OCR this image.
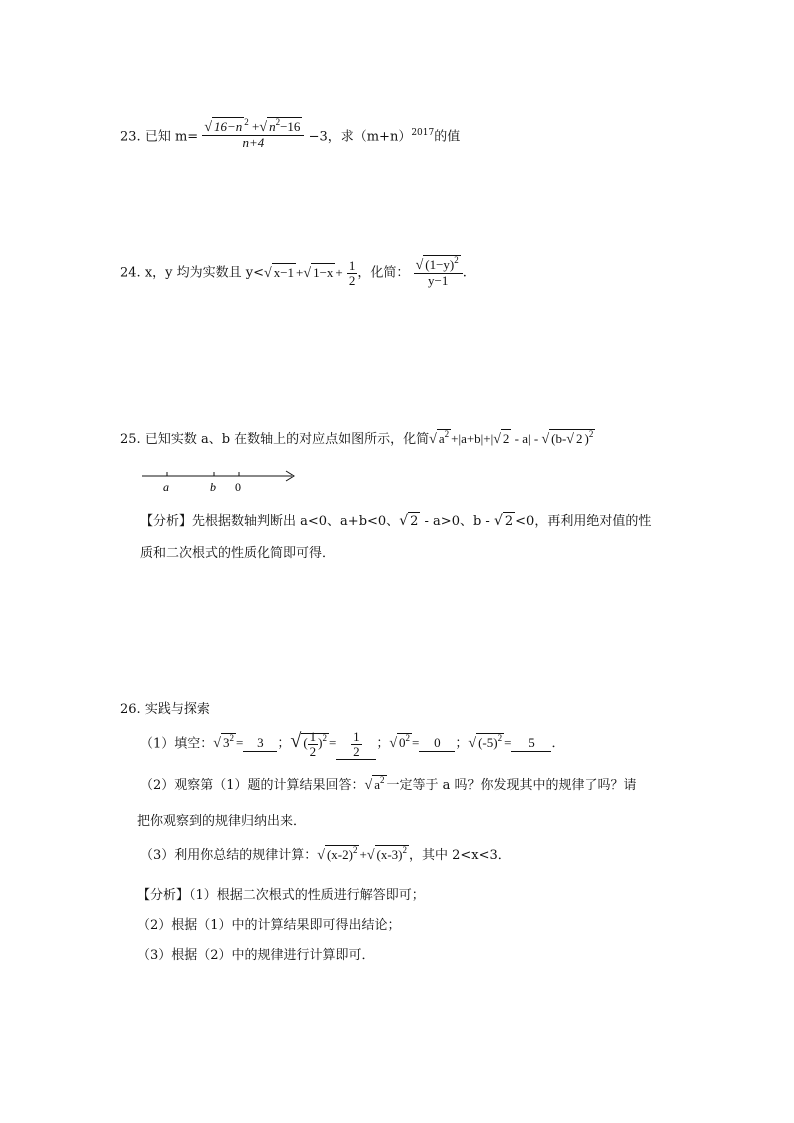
23. 已知 $m= \frac{√ 16-n ^2 +√ n^2-16}{n+4} -3$，求$(m+n)^{2017}$的值
24. x，y 均为实数且 y<√ x−1 +√ $1-x + \frac{1}{2}$ ，化简： $\frac{√ (1-y)^2}{y-1}$ .
25. 已知实数 a、b 在数轴上的对应点如图所示，化简√ $a^2 +|a+b|+|√$ 2 - a| - √ (b-√ 2 )$^2$
a	b 0
【分析】先根据数轴判断出 a<0、a+b<0、√ 2 - a>0、b - √ 2 <0，再利用绝对值的性
质和二次根式的性质化简即可得．
26. 实践与探索
（1）填空：√ $3^2 = 3$ ；√ ( $\frac{1}{2} )^2 = \frac{1}{2}$ ；√ $0^2 = 0$ ；√ $(-5)^2 = 5$ ．
（2）观察第（1）题的计算结果回答：√ $a^2$ 一定等于 a 吗？你发现其中的规律了吗？请
把你观察到的规律归纳出来．
（3）利用你总结的规律计算：√ $(x-2)^2$ +√ $(x-3)^2$ ，其中 2<x<3．
【分析】（1）根据二次根式的性质进行解答即可；
（2）根据（1）中的计算结果即可得出结论；
（3）根据（2）中的规律进行计算即可．
